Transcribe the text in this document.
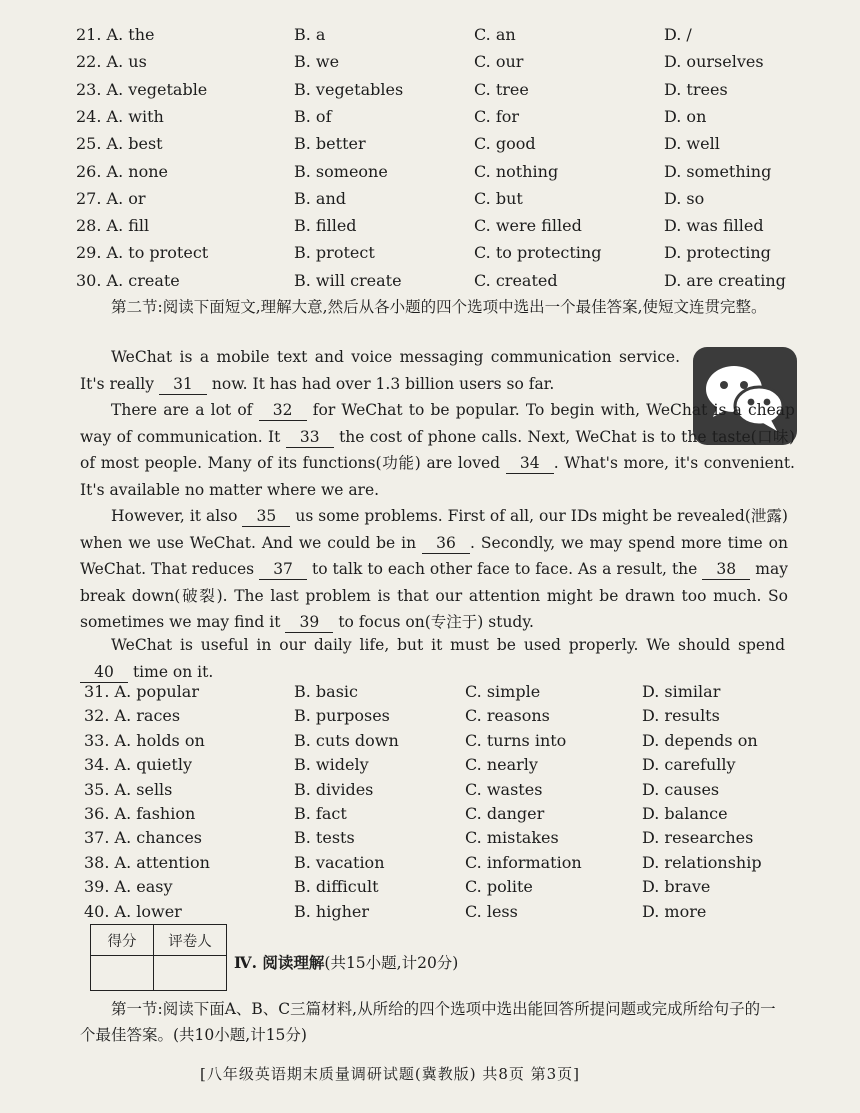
21. A. the	B. a	C. an	D. /
22. A. us	B. we	C. our	D. ourselves
23. A. vegetable	B. vegetables	C. tree	D. trees
24. A. with	B. of	C. for	D. on
25. A. best	B. better	C. good	D. well
26. A. none	B. someone	C. nothing	D. something
27. A. or	B. and	C. but	D. so
28. A. fill	B. filled	C. were filled	D. was filled
29. A. to protect	B. protect	C. to protecting	D. protecting
30. A. create	B. will create	C. created	D. are creating
第二节:阅读下面短文,理解大意,然后从各小题的四个选项中选出一个最佳答案,使短文连贯完整。

WeChat is a mobile text and voice messaging communication service. It's really 31 now. It has had over 1.3 billion users so far.

There are a lot of 32 for WeChat to be popular. To begin with, WeChat is a cheap way of communication. It 33 the cost of phone calls. Next, WeChat is to the taste(口味) of most people. Many of its functions(功能) are loved 34 . What's more, it's convenient. It's available no matter where we are.

However, it also 35 us some problems. First of all, our IDs might be revealed(泄露) when we use WeChat. And we could be in 36 . Secondly, we may spend more time on WeChat. That reduces 37 to talk to each other face to face. As a result, the 38 may break down(破裂). The last problem is that our attention might be drawn too much. So sometimes we may find it 39 to focus on(专注于) study.

WeChat is useful in our daily life, but it must be used properly. We should spend 40 time on it.

31. A. popular	B. basic	C. simple	D. similar
32. A. races	B. purposes	C. reasons	D. results
33. A. holds on	B. cuts down	C. turns into	D. depends on
34. A. quietly	B. widely	C. nearly	D. carefully
35. A. sells	B. divides	C. wastes	D. causes
36. A. fashion	B. fact	C. danger	D. balance
37. A. chances	B. tests	C. mistakes	D. researches
38. A. attention	B. vacation	C. information	D. relationship
39. A. easy	B. difficult	C. polite	D. brave
40. A. lower	B. higher	C. less	D. more
得分	评卷人

Ⅳ. 阅读理解(共15小题,计20分)
第一节:阅读下面A、B、C三篇材料,从所给的四个选项中选出能回答所提问题或完成所给句子的一个最佳答案。(共10小题,计15分)
[八年级英语期末质量调研试题(冀教版) 共8页 第3页]
